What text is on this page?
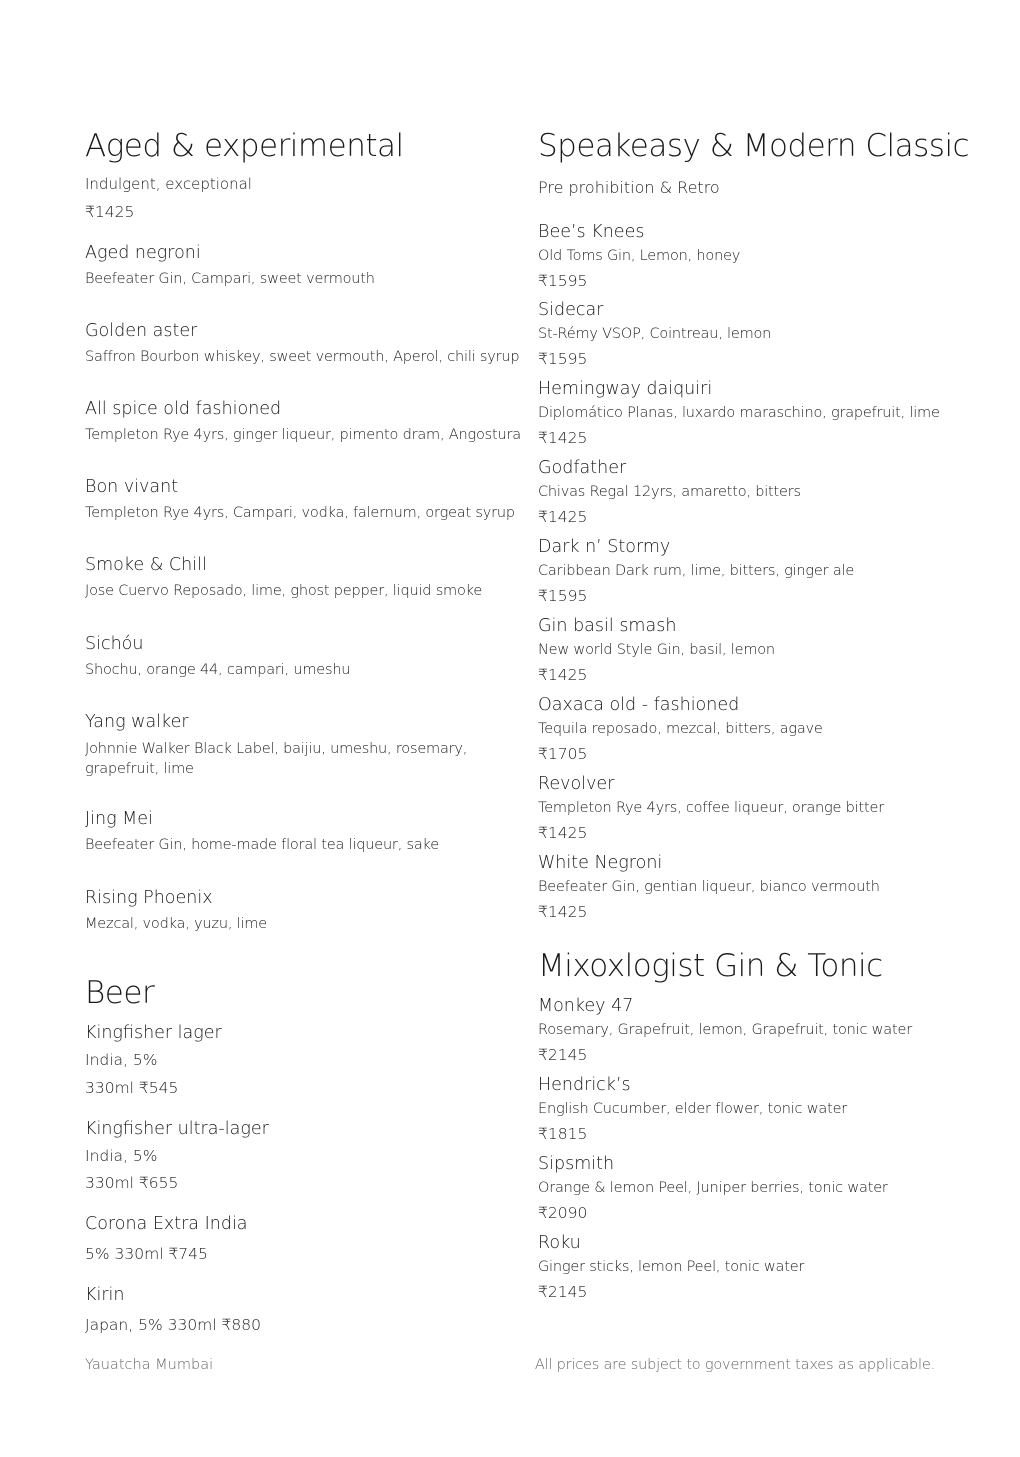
Aged & experimental
Indulgent, exceptional
₹1425
Aged negroni
Beefeater Gin, Campari, sweet vermouth
Golden aster
Saffron Bourbon whiskey, sweet vermouth, Aperol, chili syrup
All spice old fashioned
Templeton Rye 4yrs, ginger liqueur, pimento dram, Angostura
Bon vivant
Templeton Rye 4yrs, Campari, vodka, falernum, orgeat syrup
Smoke & Chill
Jose Cuervo Reposado, lime, ghost pepper, liquid smoke
Sichóu
Shochu, orange 44, campari, umeshu
Yang walker
Johnnie Walker Black Label, baijiu, umeshu, rosemary, grapefruit, lime
Jing Mei
Beefeater Gin, home-made floral tea liqueur, sake
Rising Phoenix
Mezcal, vodka, yuzu, lime
Beer
Kingfisher lager
India, 5%
330ml ₹545
Kingfisher ultra-lager
India, 5%
330ml ₹655
Corona Extra India
5% 330ml ₹745
Kirin
Japan, 5% 330ml ₹880
Speakeasy & Modern Classic
Pre prohibition & Retro
Bee’s Knees
Old Toms Gin, Lemon, honey
₹1595
Sidecar
St-Rémy VSOP, Cointreau, lemon
₹1595
Hemingway daiquiri
Diplomático Planas, luxardo maraschino, grapefruit, lime
₹1425
Godfather
Chivas Regal 12yrs, amaretto, bitters
₹1425
Dark n’ Stormy
Caribbean Dark rum, lime, bitters, ginger ale
₹1595
Gin basil smash
New world Style Gin, basil, lemon
₹1425
Oaxaca old - fashioned
Tequila reposado, mezcal, bitters, agave
₹1705
Revolver
Templeton Rye 4yrs, coffee liqueur, orange bitter
₹1425
White Negroni
Beefeater Gin, gentian liqueur, bianco vermouth
₹1425
Mixoxlogist Gin & Tonic
Monkey 47
Rosemary, Grapefruit, lemon, Grapefruit, tonic water
₹2145
Hendrick’s
English Cucumber, elder flower, tonic water
₹1815
Sipsmith
Orange & lemon Peel, Juniper berries, tonic water
₹2090
Roku
Ginger sticks, lemon Peel, tonic water
₹2145
Yauatcha Mumbai	All prices are subject to government taxes as applicable.
